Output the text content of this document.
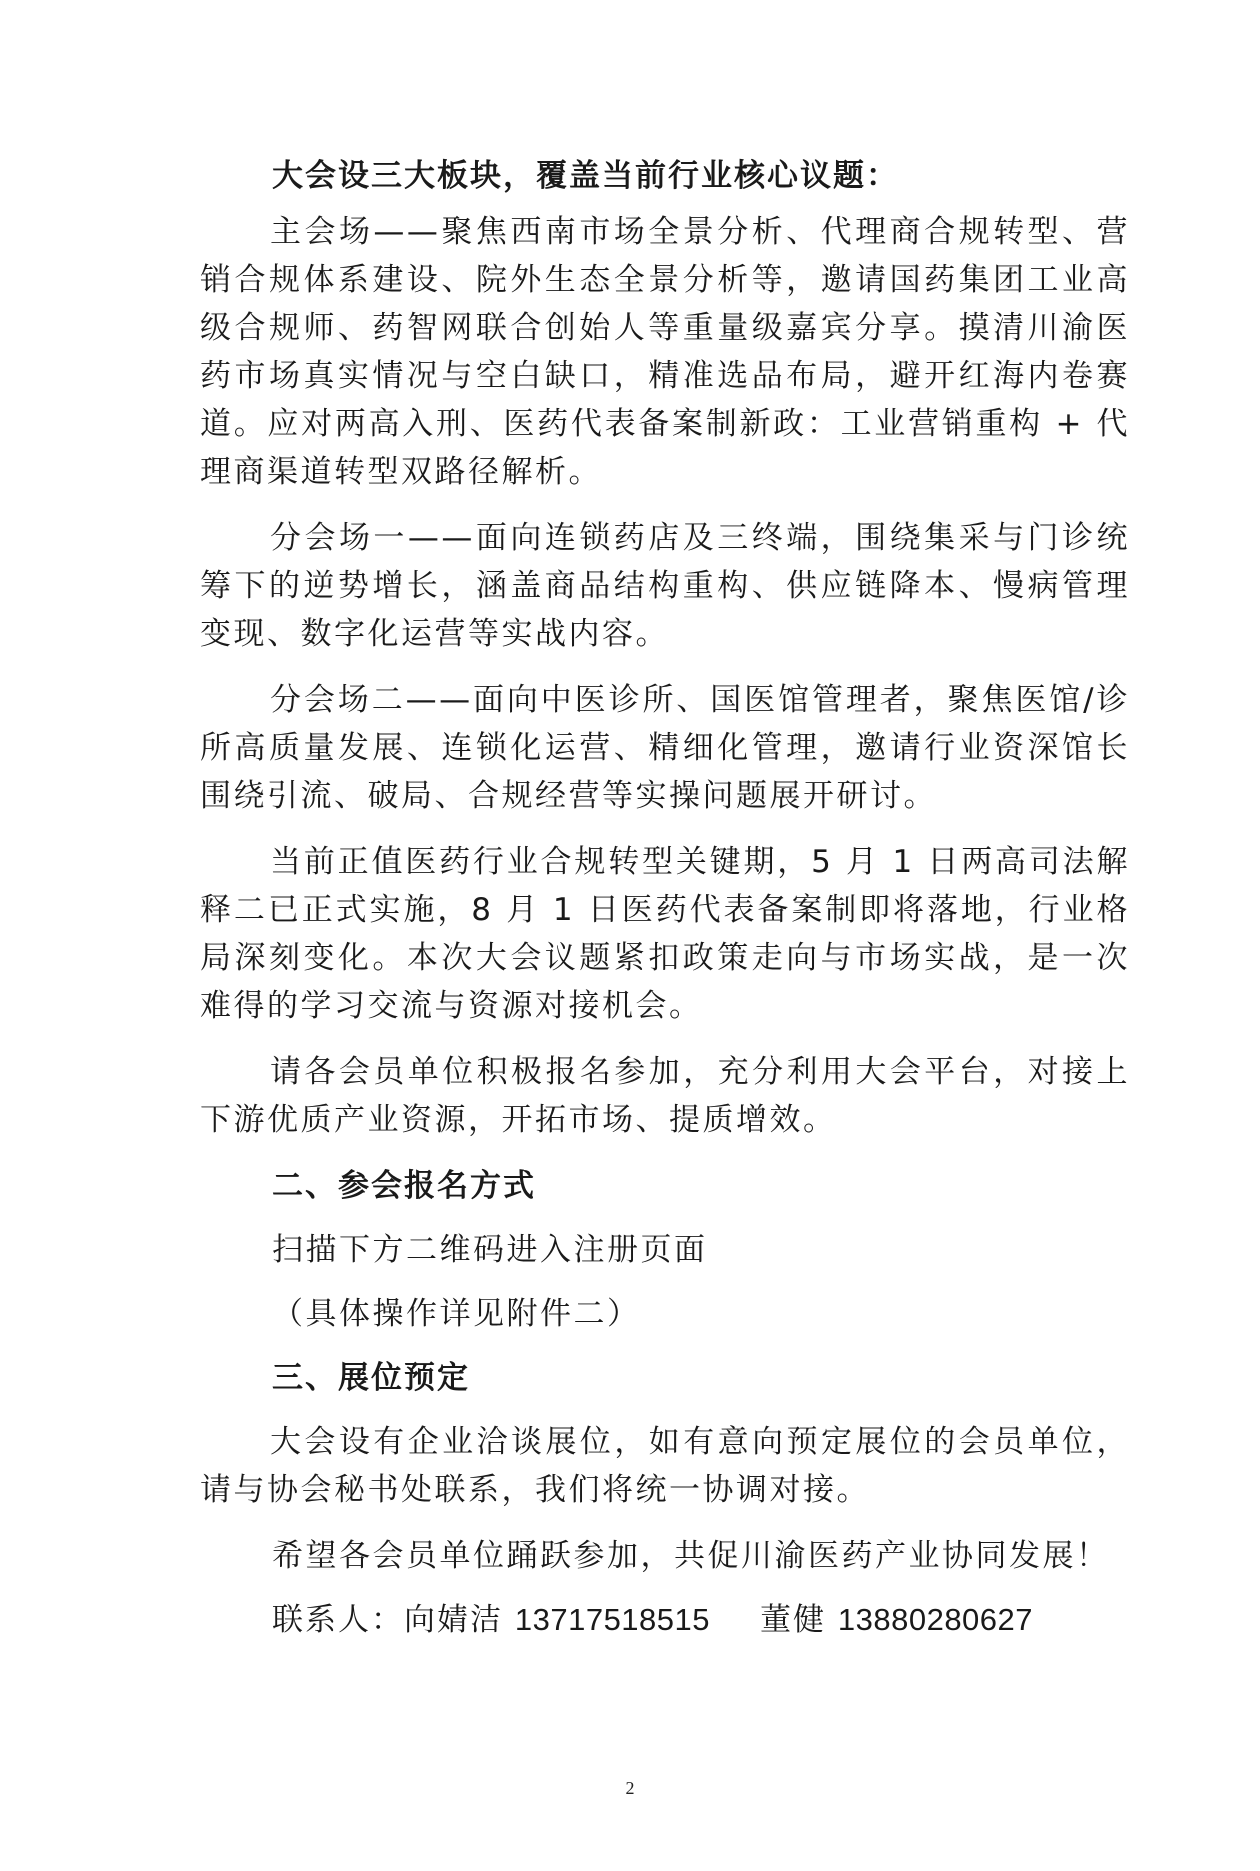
大会设三大板块，覆盖当前行业核心议题：

主会场——聚焦西南市场全景分析、代理商合规转型、营销合规体系建设、院外生态全景分析等，邀请国药集团工业高级合规师、药智网联合创始人等重量级嘉宾分享。摸清川渝医药市场真实情况与空白缺口，精准选品布局，避开红海内卷赛道。应对两高入刑、医药代表备案制新政：工业营销重构 + 代理商渠道转型双路径解析。

分会场一——面向连锁药店及三终端，围绕集采与门诊统筹下的逆势增长，涵盖商品结构重构、供应链降本、慢病管理变现、数字化运营等实战内容。

分会场二——面向中医诊所、国医馆管理者，聚焦医馆/诊所高质量发展、连锁化运营、精细化管理，邀请行业资深馆长围绕引流、破局、合规经营等实操问题展开研讨。

当前正值医药行业合规转型关键期，5 月 1 日两高司法解释二已正式实施，8 月 1 日医药代表备案制即将落地，行业格局深刻变化。本次大会议题紧扣政策走向与市场实战，是一次难得的学习交流与资源对接机会。

请各会员单位积极报名参加，充分利用大会平台，对接上下游优质产业资源，开拓市场、提质增效。

二、参会报名方式

扫描下方二维码进入注册页面

（具体操作详见附件二）

三、展位预定

大会设有企业洽谈展位，如有意向预定展位的会员单位，请与协会秘书处联系，我们将统一协调对接。

希望各会员单位踊跃参加，共促川渝医药产业协同发展！

联系人：向婧洁 13717518515 董健 13880280627

2
